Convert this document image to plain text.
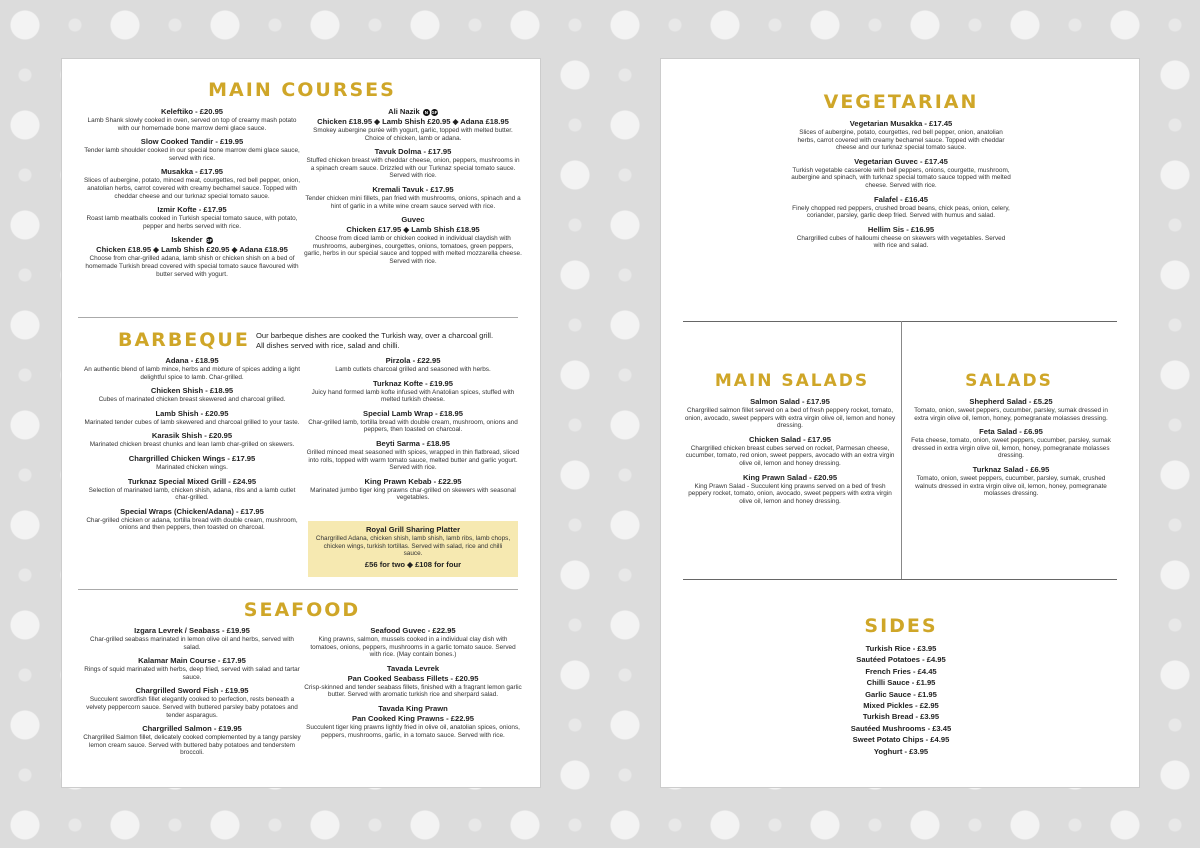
MAIN COURSES
Keleftiko - £20.95
Lamb Shank slowly cooked in oven, served on top of creamy mash potato with our homemade bone marrow demi glace sauce.
Slow Cooked Tandir - £19.95
Tender lamb shoulder cooked in our special bone marrow demi glace sauce, served with rice.
Musakka - £17.95
Slices of aubergine, potato, minced meat, courgettes, red bell pepper, onion, anatolian herbs, carrot covered with creamy bechamel sauce. Topped with cheddar cheese and our turknaz special tomato sauce.
Izmir Kofte - £17.95
Roast lamb meatballs cooked in Turkish special tomato sauce, with potato, pepper and herbs served with rice.
Iskender GF
Chicken £18.95 ◆ Lamb Shish £20.95 ◆ Adana £18.95
Choose from char-grilled adana, lamb shish or chicken shish on a bed of homemade Turkish bread covered with special tomato sauce flavoured with butter served with yogurt.
Ali Nazik N GF
Chicken £18.95 ◆ Lamb Shish £20.95 ◆ Adana £18.95
Smokey aubergine purée with yogurt, garlic, topped with melted butter. Choice of chicken, lamb or adana.
Tavuk Dolma - £17.95
Stuffed chicken breast with cheddar cheese, onion, peppers, mushrooms in a spinach cream sauce. Drizzled with our Turknaz special tomato sauce. Served with rice.
Kremali Tavuk - £17.95
Tender chicken mini fillets, pan fried with mushrooms, onions, spinach and a hint of garlic in a white wine cream sauce served with rice.
Guvec
Chicken £17.95 ◆ Lamb Shish £18.95
Choose from diced lamb or chicken cooked in individual claydish with mushrooms, aubergines, courgettes, onions, tomatoes, green peppers, garlic, herbs in our special sauce and topped with melted mozzarella cheese. Served with rice.
BARBEQUE Our barbeque dishes are cooked the Turkish way, over a charcoal grill. All dishes served with rice, salad and chilli.
Adana - £18.95
An authentic blend of lamb mince, herbs and mixture of spices adding a light delightful spice to lamb. Char-grilled.
Chicken Shish - £18.95
Cubes of marinated chicken breast skewered and charcoal grilled.
Lamb Shish - £20.95
Marinated tender cubes of lamb skewered and charcoal grilled to your taste.
Karasik Shish - £20.95
Marinated chicken breast chunks and lean lamb char-grilled on skewers.
Chargrilled Chicken Wings - £17.95
Marinated chicken wings.
Turknaz Special Mixed Grill - £24.95
Selection of marinated lamb, chicken shish, adana, ribs and a lamb cutlet char-grilled.
Special Wraps (Chicken/Adana) - £17.95
Char-grilled chicken or adana, tortilla bread with double cream, mushroom, onions and then peppers, then toasted on charcoal.
Pirzola - £22.95
Lamb cutlets charcoal grilled and seasoned with herbs.
Turknaz Kofte - £19.95
Juicy hand formed lamb kofte infused with Anatolian spices, stuffed with melted turkish cheese.
Special Lamb Wrap - £18.95
Char-grilled lamb, tortilla bread with double cream, mushroom, onions and peppers, then toasted on charcoal.
Beyti Sarma - £18.95
Grilled minced meat seasoned with spices, wrapped in thin flatbread, sliced into rolls, topped with warm tomato sauce, melted butter and garlic yogurt. Served with rice.
King Prawn Kebab - £22.95
Marinated jumbo tiger king prawns char-grilled on skewers with seasonal vegetables.
Royal Grill Sharing Platter
Chargrilled Adana, chicken shish, lamb shish, lamb ribs, lamb chops, chicken wings, turkish tortillas. Served with salad, rice and chilli sauce.
£56 for two ◆ £108 for four
SEAFOOD
Izgara Levrek / Seabass - £19.95
Char-grilled seabass marinated in lemon olive oil and herbs, served with salad.
Kalamar Main Course - £17.95
Rings of squid marinated with herbs, deep fried, served with salad and tartar sauce.
Chargrilled Sword Fish - £19.95
Succulent swordfish fillet elegantly cooked to perfection, rests beneath a velvety peppercorn sauce. Served with buttered parsley baby potatoes and tender asparagus.
Chargrilled Salmon - £19.95
Chargrilled Salmon fillet, delicately cooked complemented by a tangy parsley lemon cream sauce. Served with buttered baby potatoes and tenderstem broccoli.
Seafood Guvec - £22.95
King prawns, salmon, mussels cooked in a individual clay dish with tomatoes, onions, peppers, mushrooms in a garlic tomato sauce. Served with rice. (May contain bones.)
Tavada Levrek
Pan Cooked Seabass Fillets - £20.95
Crisp-skinned and tender seabass fillets, finished with a fragrant lemon garlic butter. Served with aromatic turkish rice and sherpard salad.
Tavada King Prawn
Pan Cooked King Prawns - £22.95
Succulent tiger king prawns lightly fried in olive oil, anatolian spices, onions, peppers, mushrooms, garlic, in a tomato sauce. Served with rice.
VEGETARIAN
Vegetarian Musakka - £17.45
Slices of aubergine, potato, courgettes, red bell pepper, onion, anatolian herbs, carrot covered with creamy bechamel sauce. Topped with cheddar cheese and our turknaz special tomato sauce.
Vegetarian Guvec - £17.45
Turkish vegetable casserole with bell peppers, onions, courgette, mushroom, aubergine and spinach, with turknaz special tomato sauce topped with melted cheese. Served with rice.
Falafel - £16.45
Finely chopped red peppers, crushed broad beans, chick peas, onion, celery, coriander, parsley, garlic deep fried. Served with humus and salad.
Hellim Sis - £16.95
Chargrilled cubes of halloumi cheese on skewers with vegetables. Served with rice and salad.
MAIN SALADS
Salmon Salad - £17.95
Chargrilled salmon fillet served on a bed of fresh peppery rocket, tomato, onion, avocado, sweet peppers with extra virgin olive oil, lemon and honey dressing.
Chicken Salad - £17.95
Chargrilled chicken breast cubes served on rocket, Parmesan cheese, cucumber, tomato, red onion, sweet peppers, avocado with an extra virgin olive oil, lemon and honey dressing.
King Prawn Salad - £20.95
King Prawn Salad - Succulent king prawns served on a bed of fresh peppery rocket, tomato, onion, avocado, sweet peppers with extra virgin olive oil, lemon and honey dressing.
SALADS
Shepherd Salad - £5.25
Tomato, onion, sweet peppers, cucumber, parsley, sumak dressed in extra virgin olive oil, lemon, honey, pomegranate molasses dressing.
Feta Salad - £6.95
Feta cheese, tomato, onion, sweet peppers, cucumber, parsley, sumak dressed in extra virgin olive oil, lemon, honey, pomegranate molasses dressing.
Turknaz Salad - £6.95
Tomato, onion, sweet peppers, cucumber, parsley, sumak, crushed walnuts dressed in extra virgin olive oil, lemon, honey, pomegranate molasses dressing.
SIDES
Turkish Rice - £3.95
Sautéed Potatoes - £4.95
French Fries - £4.45
Chilli Sauce - £1.95
Garlic Sauce - £1.95
Mixed Pickles - £2.95
Turkish Bread - £3.95
Sautéed Mushrooms - £3.45
Sweet Potato Chips - £4.95
Yoghurt - £3.95
